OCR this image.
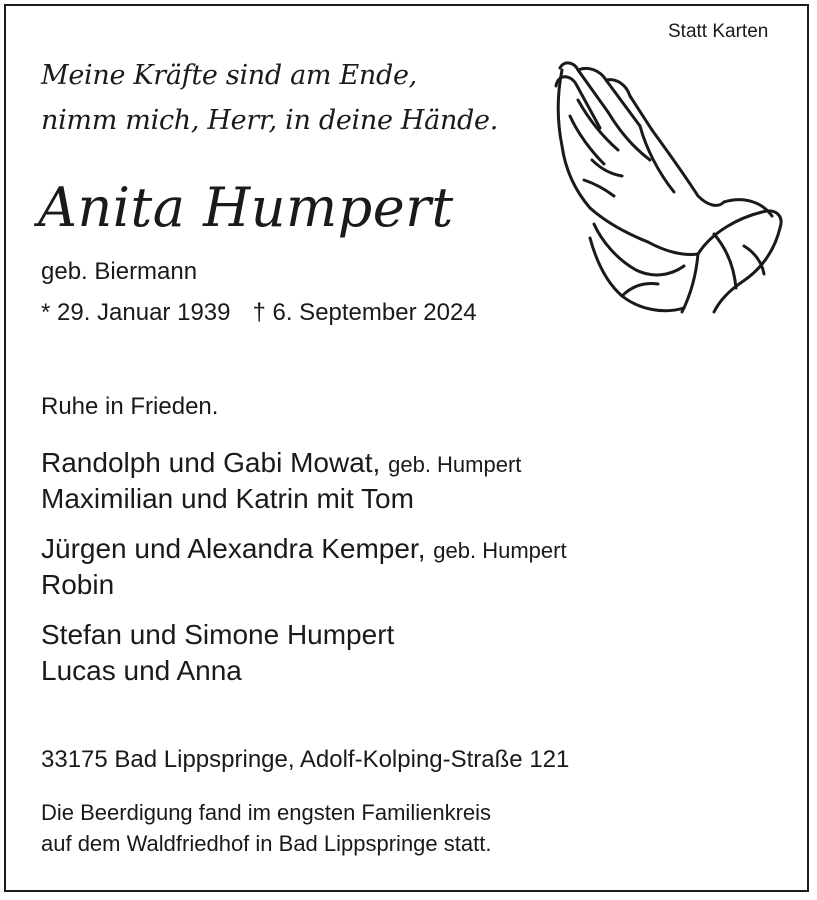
Statt Karten
Meine Kräfte sind am Ende,
nimm mich, Herr, in deine Hände.
Anita Humpert
geb. Biermann
* 29. Januar 1939 † 6. September 2024
Ruhe in Frieden.
Randolph und Gabi Mowat, geb. Humpert
Maximilian und Katrin mit Tom
Jürgen und Alexandra Kemper, geb. Humpert
Robin
Stefan und Simone Humpert
Lucas und Anna
33175 Bad Lippspringe, Adolf-Kolping-Straße 121
Die Beerdigung fand im engsten Familienkreis
auf dem Waldfriedhof in Bad Lippspringe statt.
